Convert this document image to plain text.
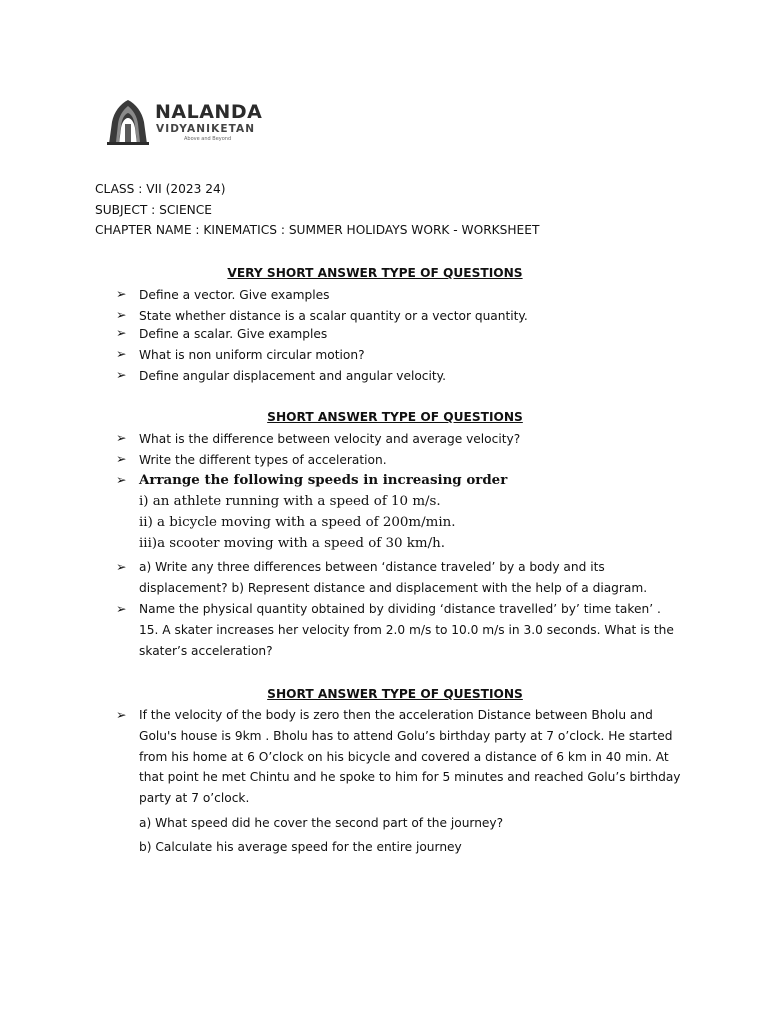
NALANDA
VIDYANIKETAN
Above and Beyond
CLASS : VII (2023 24)
SUBJECT : SCIENCE
CHAPTER NAME : KINEMATICS : SUMMER HOLIDAYS WORK - WORKSHEET
VERY SHORT ANSWER TYPE OF QUESTIONS
➢ Define a vector. Give examples
➢ State whether distance is a scalar quantity or a vector quantity.
➢ Define a scalar. Give examples
➢ What is non uniform circular motion?
➢ Define angular displacement and angular velocity.
SHORT ANSWER TYPE OF QUESTIONS
➢ What is the difference between velocity and average velocity?
➢ Write the different types of acceleration.
➢ Arrange the following speeds in increasing order
i) an athlete running with a speed of 10 m/s.
ii) a bicycle moving with a speed of 200m/min.
iii)a scooter moving with a speed of 30 km/h.
➢ a) Write any three differences between ‘distance traveled’ by a body and its displacement? b) Represent distance and displacement with the help of a diagram.
➢ Name the physical quantity obtained by dividing ‘distance travelled’ by’ time taken’ . 15. A skater increases her velocity from 2.0 m/s to 10.0 m/s in 3.0 seconds. What is the skater’s acceleration?
SHORT ANSWER TYPE OF QUESTIONS
➢ If the velocity of the body is zero then the acceleration Distance between Bholu and Golu's house is 9km . Bholu has to attend Golu’s birthday party at 7 o’clock. He started from his home at 6 O’clock on his bicycle and covered a distance of 6 km in 40 min. At that point he met Chintu and he spoke to him for 5 minutes and reached Golu’s birthday party at 7 o’clock.
a) What speed did he cover the second part of the journey?
b) Calculate his average speed for the entire journey
